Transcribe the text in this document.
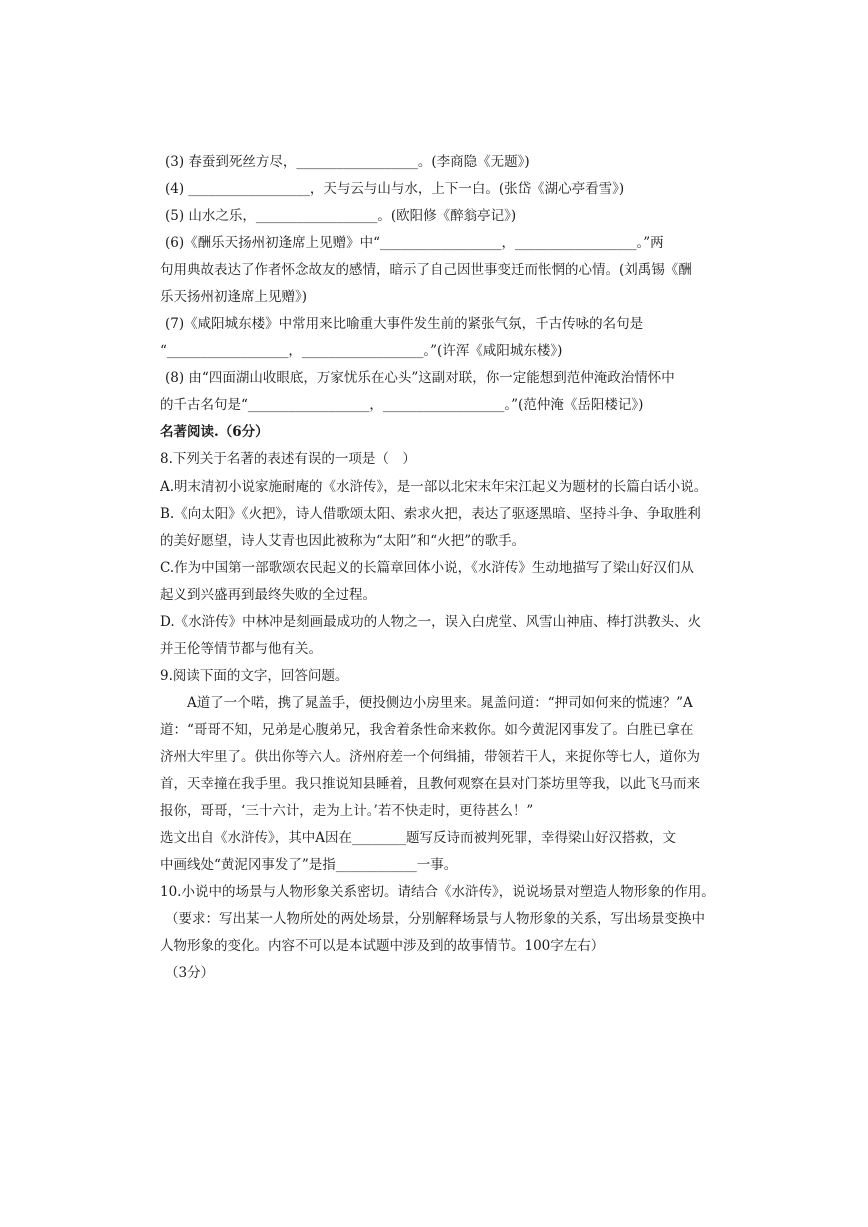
(3) 春蚕到死丝方尽，__________________。(李商隐《无题》)
(4) __________________，天与云与山与水，上下一白。(张岱《湖心亭看雪》)
(5) 山水之乐，__________________。(欧阳修《醉翁亭记》)
(6)《酬乐天扬州初逢席上见赠》中“__________________，__________________。”两
句用典故表达了作者怀念故友的感情，暗示了自己因世事变迁而怅惘的心情。(刘禹锡《酬
乐天扬州初逢席上见赠》)
(7)《咸阳城东楼》中常用来比喻重大事件发生前的紧张气氛，千古传咏的名句是
“__________________，__________________。”(许浑《咸阳城东楼》)
(8) 由“四面湖山收眼底，万家忧乐在心头”这副对联，你一定能想到范仲淹政治情怀中
的千古名句是“__________________，__________________。”(范仲淹《岳阳楼记》)
名著阅读.（6分）
8.下列关于名著的表述有误的一项是（　）
A.明末清初小说家施耐庵的《水浒传》，是一部以北宋末年宋江起义为题材的长篇白话小说。
B.《向太阳》《火把》，诗人借歌颂太阳、索求火把，表达了驱逐黑暗、坚持斗争、争取胜利
的美好愿望，诗人艾青也因此被称为“太阳”和“火把”的歌手。
C.作为中国第一部歌颂农民起义的长篇章回体小说，《水浒传》生动地描写了梁山好汉们从
起义到兴盛再到最终失败的全过程。
D.《水浒传》中林冲是刻画最成功的人物之一，误入白虎堂、风雪山神庙、棒打洪教头、火
并王伦等情节都与他有关。
9.阅读下面的文字，回答问题。
　　A道了一个喏，携了晁盖手，便投侧边小房里来。晁盖问道：“押司如何来的慌速？”A
道：“哥哥不知，兄弟是心腹弟兄，我舍着条性命来救你。如今黄泥冈事发了。白胜已拿在
济州大牢里了。供出你等六人。济州府差一个何缉捕，带领若干人，来捉你等七人，道你为
首，天幸撞在我手里。我只推说知县睡着，且教何观察在县对门茶坊里等我，以此飞马而来
报你，哥哥，‘三十六计，走为上计。’若不快走时，更待甚么！”
选文出自《水浒传》，其中A因在________题写反诗而被判死罪，幸得梁山好汉搭救，文
中画线处“黄泥冈事发了”是指____________一事。
10.小说中的场景与人物形象关系密切。请结合《水浒传》，说说场景对塑造人物形象的作用。
（要求：写出某一人物所处的两处场景，分别解释场景与人物形象的关系，写出场景变换中
人物形象的变化。内容不可以是本试题中涉及到的故事情节。100字左右）
（3分）
